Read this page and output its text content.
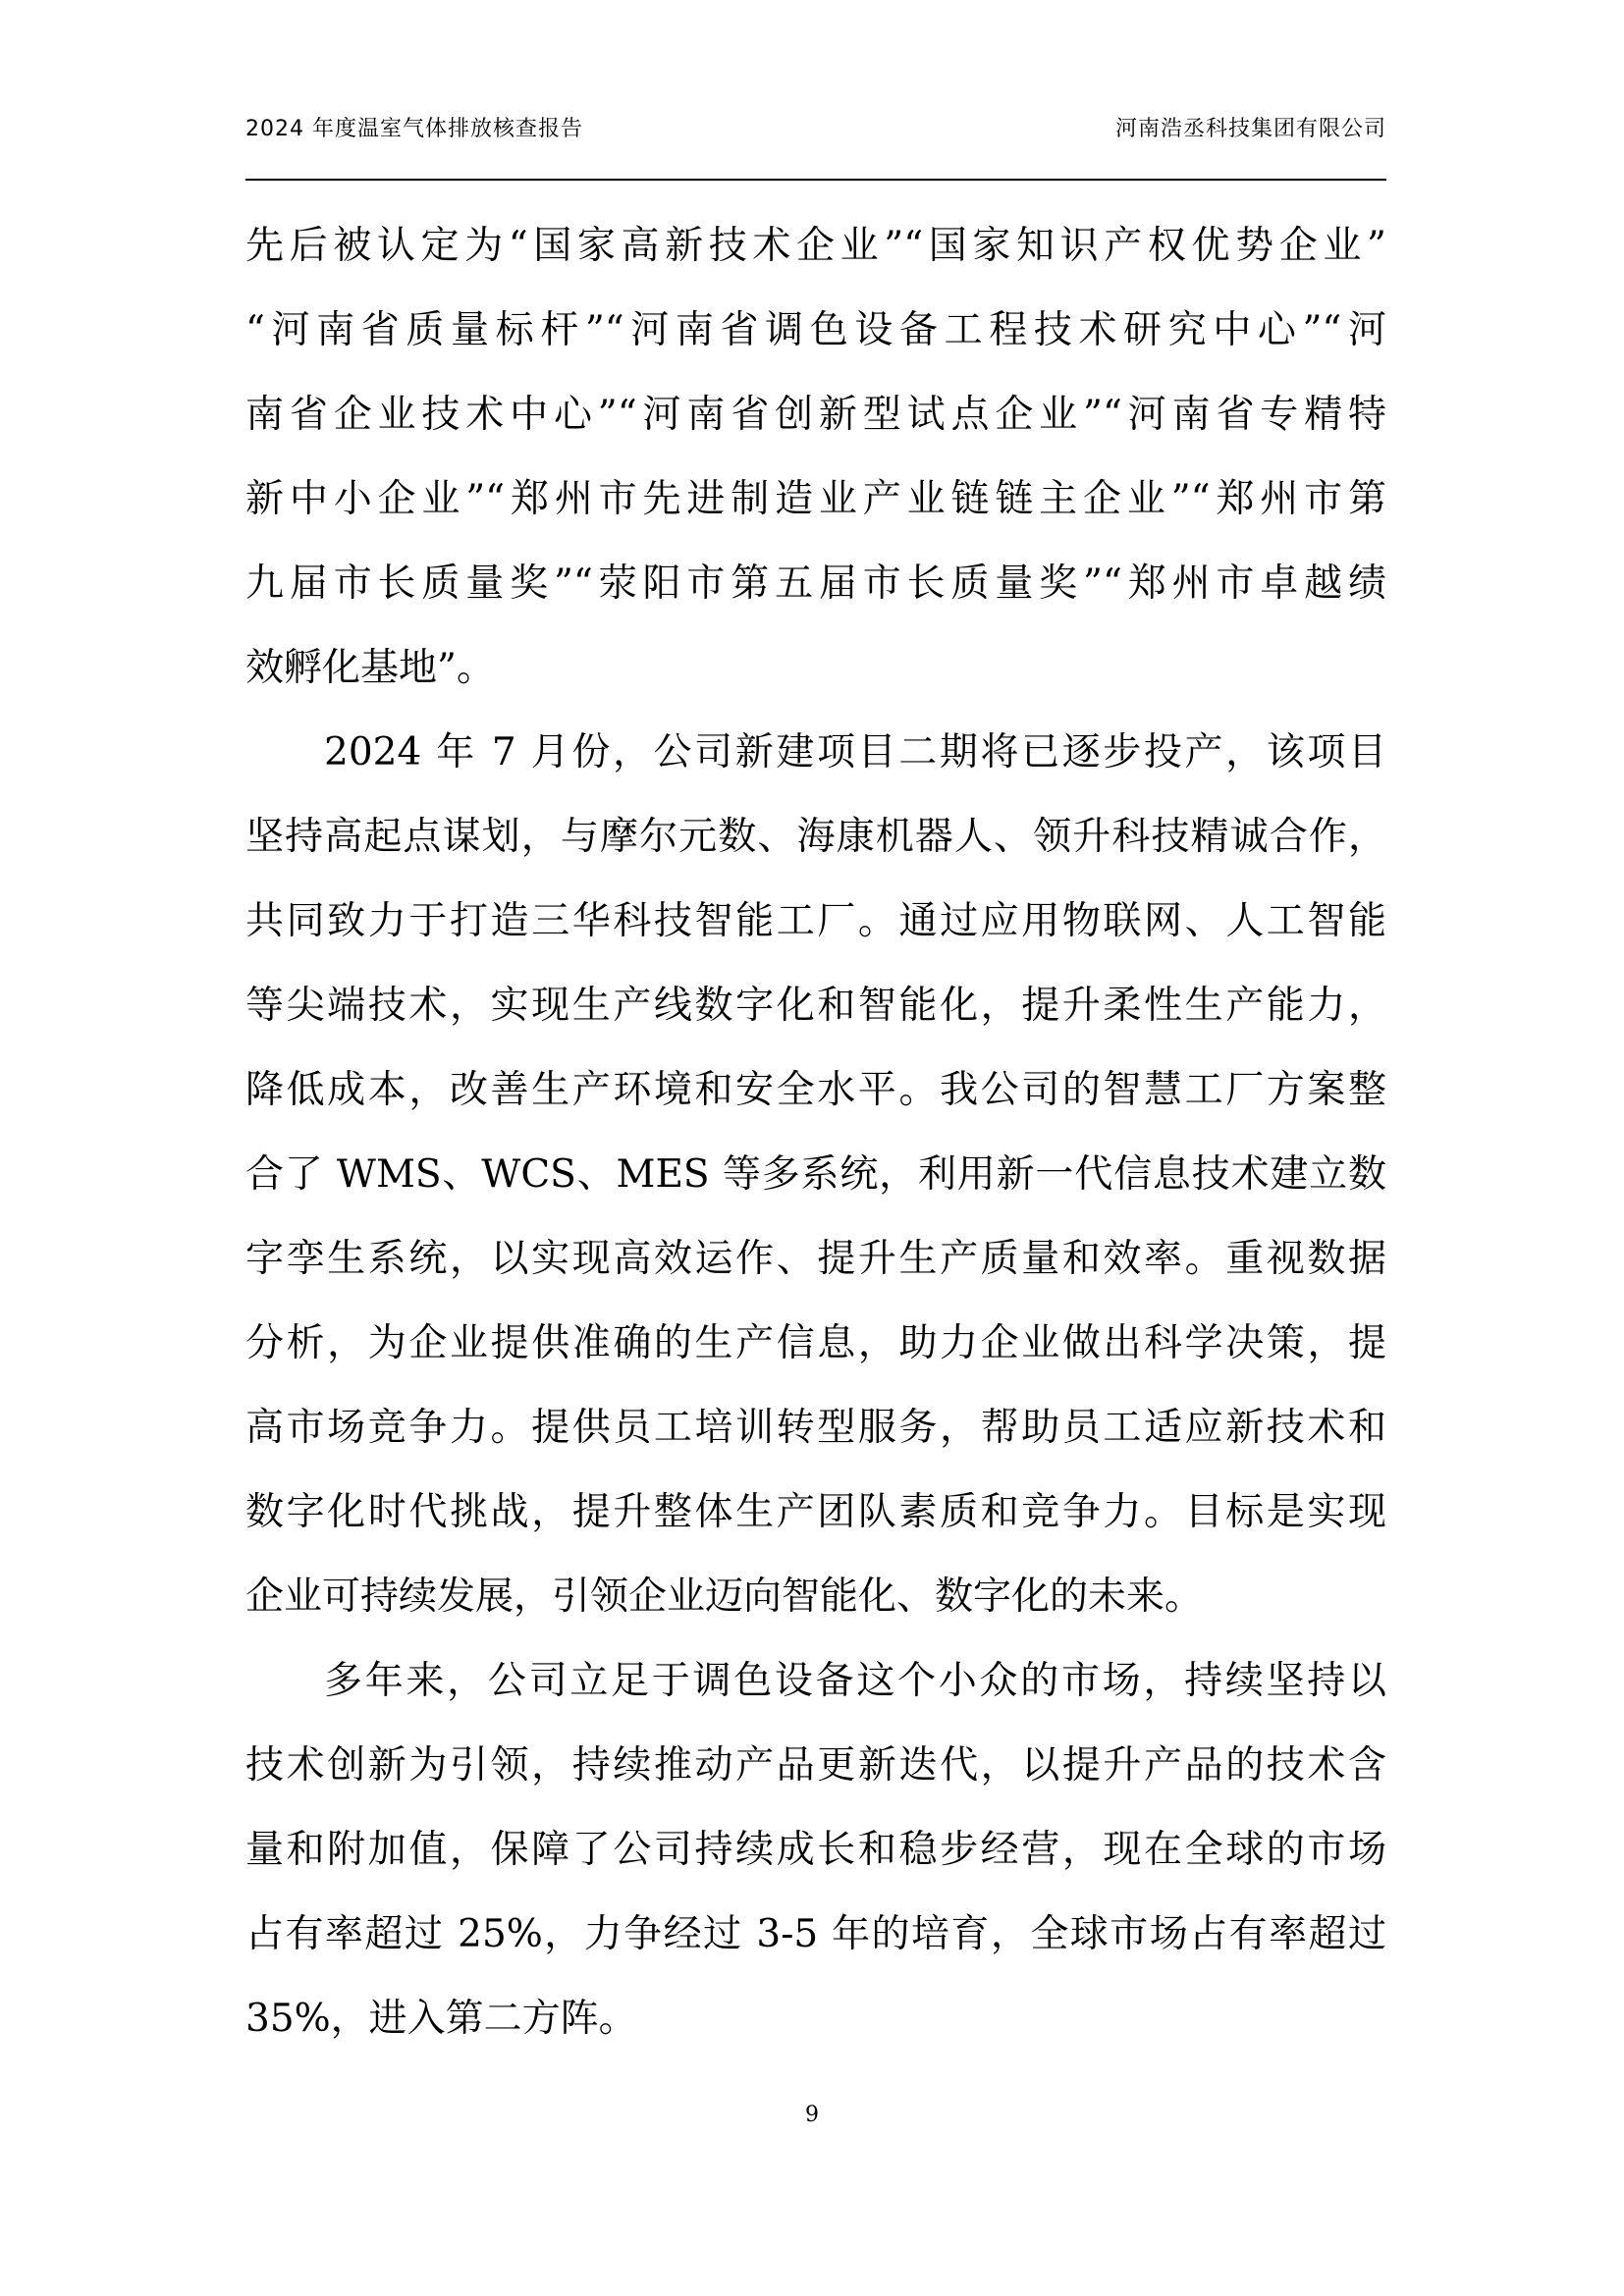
2024 年度温室气体排放核查报告	河南浩丞科技集团有限公司
先后被认定为“国家高新技术企业”“国家知识产权优势企业”
“河南省质量标杆”“河南省调色设备工程技术研究中心”“河
南省企业技术中心”“河南省创新型试点企业”“河南省专精特
新中小企业”“郑州市先进制造业产业链链主企业”“郑州市第
九届市长质量奖”“荥阳市第五届市长质量奖”“郑州市卓越绩
效孵化基地”。
2024 年 7 月份，公司新建项目二期将已逐步投产，该项目
坚持高起点谋划，与摩尔元数、海康机器人、领升科技精诚合作，
共同致力于打造三华科技智能工厂。通过应用物联网、人工智能
等尖端技术，实现生产线数字化和智能化，提升柔性生产能力，
降低成本，改善生产环境和安全水平。我公司的智慧工厂方案整
合了 WMS、WCS、MES 等多系统，利用新一代信息技术建立数
字孪生系统，以实现高效运作、提升生产质量和效率。重视数据
分析，为企业提供准确的生产信息，助力企业做出科学决策，提
高市场竞争力。提供员工培训转型服务，帮助员工适应新技术和
数字化时代挑战，提升整体生产团队素质和竞争力。目标是实现
企业可持续发展，引领企业迈向智能化、数字化的未来。
多年来，公司立足于调色设备这个小众的市场，持续坚持以
技术创新为引领，持续推动产品更新迭代，以提升产品的技术含
量和附加值，保障了公司持续成长和稳步经营，现在全球的市场
占有率超过 25%，力争经过 3-5 年的培育，全球市场占有率超过
35%，进入第二方阵。
9
